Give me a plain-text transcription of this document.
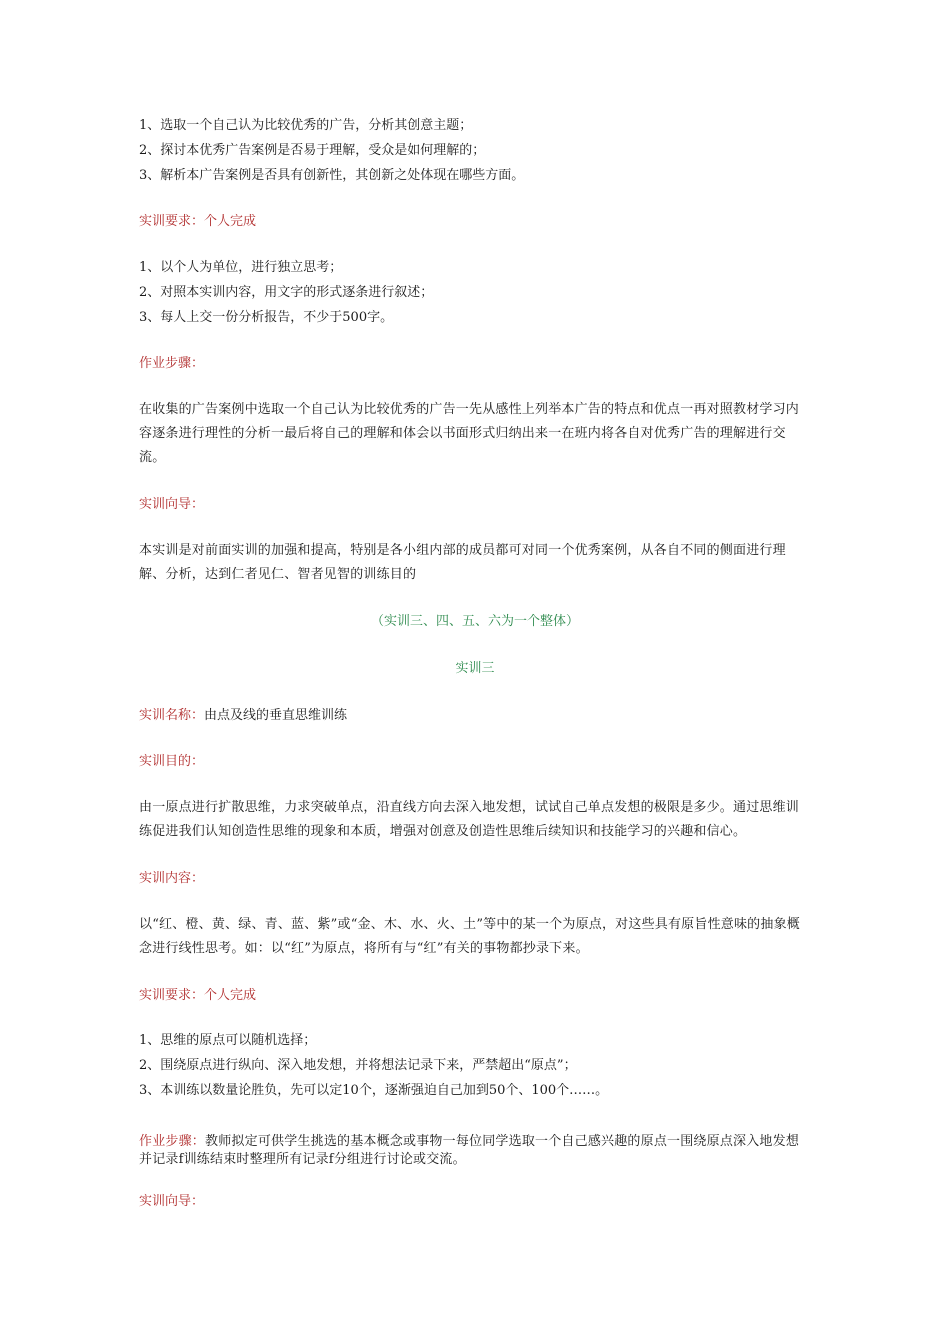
1、选取一个自己认为比较优秀的广告，分析其创意主题；
2、探讨本优秀广告案例是否易于理解，受众是如何理解的；
3、解析本广告案例是否具有创新性，其创新之处体现在哪些方面。
实训要求：个人完成
1、以个人为单位，进行独立思考；
2、对照本实训内容，用文字的形式逐条进行叙述；
3、每人上交一份分析报告，不少于500字。
作业步骤：
在收集的广告案例中选取一个自己认为比较优秀的广告一先从感性上列举本广告的特点和优点一再对照教材学习内容逐条进行理性的分析一最后将自己的理解和体会以书面形式归纳出来一在班内将各自对优秀广告的理解进行交流。
实训向导：
本实训是对前面实训的加强和提高，特别是各小组内部的成员都可对同一个优秀案例，从各自不同的侧面进行理解、分析，达到仁者见仁、智者见智的训练目的
（实训三、四、五、六为一个整体）
实训三
实训名称：由点及线的垂直思维训练
实训目的：
由一原点进行扩散思维，力求突破单点，沿直线方向去深入地发想，试试自己单点发想的极限是多少。通过思维训练促进我们认知创造性思维的现象和本质，增强对创意及创造性思维后续知识和技能学习的兴趣和信心。
实训内容：
以“红、橙、黄、绿、青、蓝、紫”或“金、木、水、火、土”等中的某一个为原点，对这些具有原旨性意味的抽象概念进行线性思考。如：以“红”为原点，将所有与“红”有关的事物都抄录下来。
实训要求：个人完成
1、思维的原点可以随机选择；
2、围绕原点进行纵向、深入地发想，并将想法记录下来，严禁超出“原点”；
3、本训练以数量论胜负，先可以定10个，逐渐强迫自己加到50个、100个……。
作业步骤：教师拟定可供学生挑选的基本概念或事物一每位同学选取一个自己感兴趣的原点一围绕原点深入地发想并记录f训练结束时整理所有记录f分组进行讨论或交流。
实训向导：
